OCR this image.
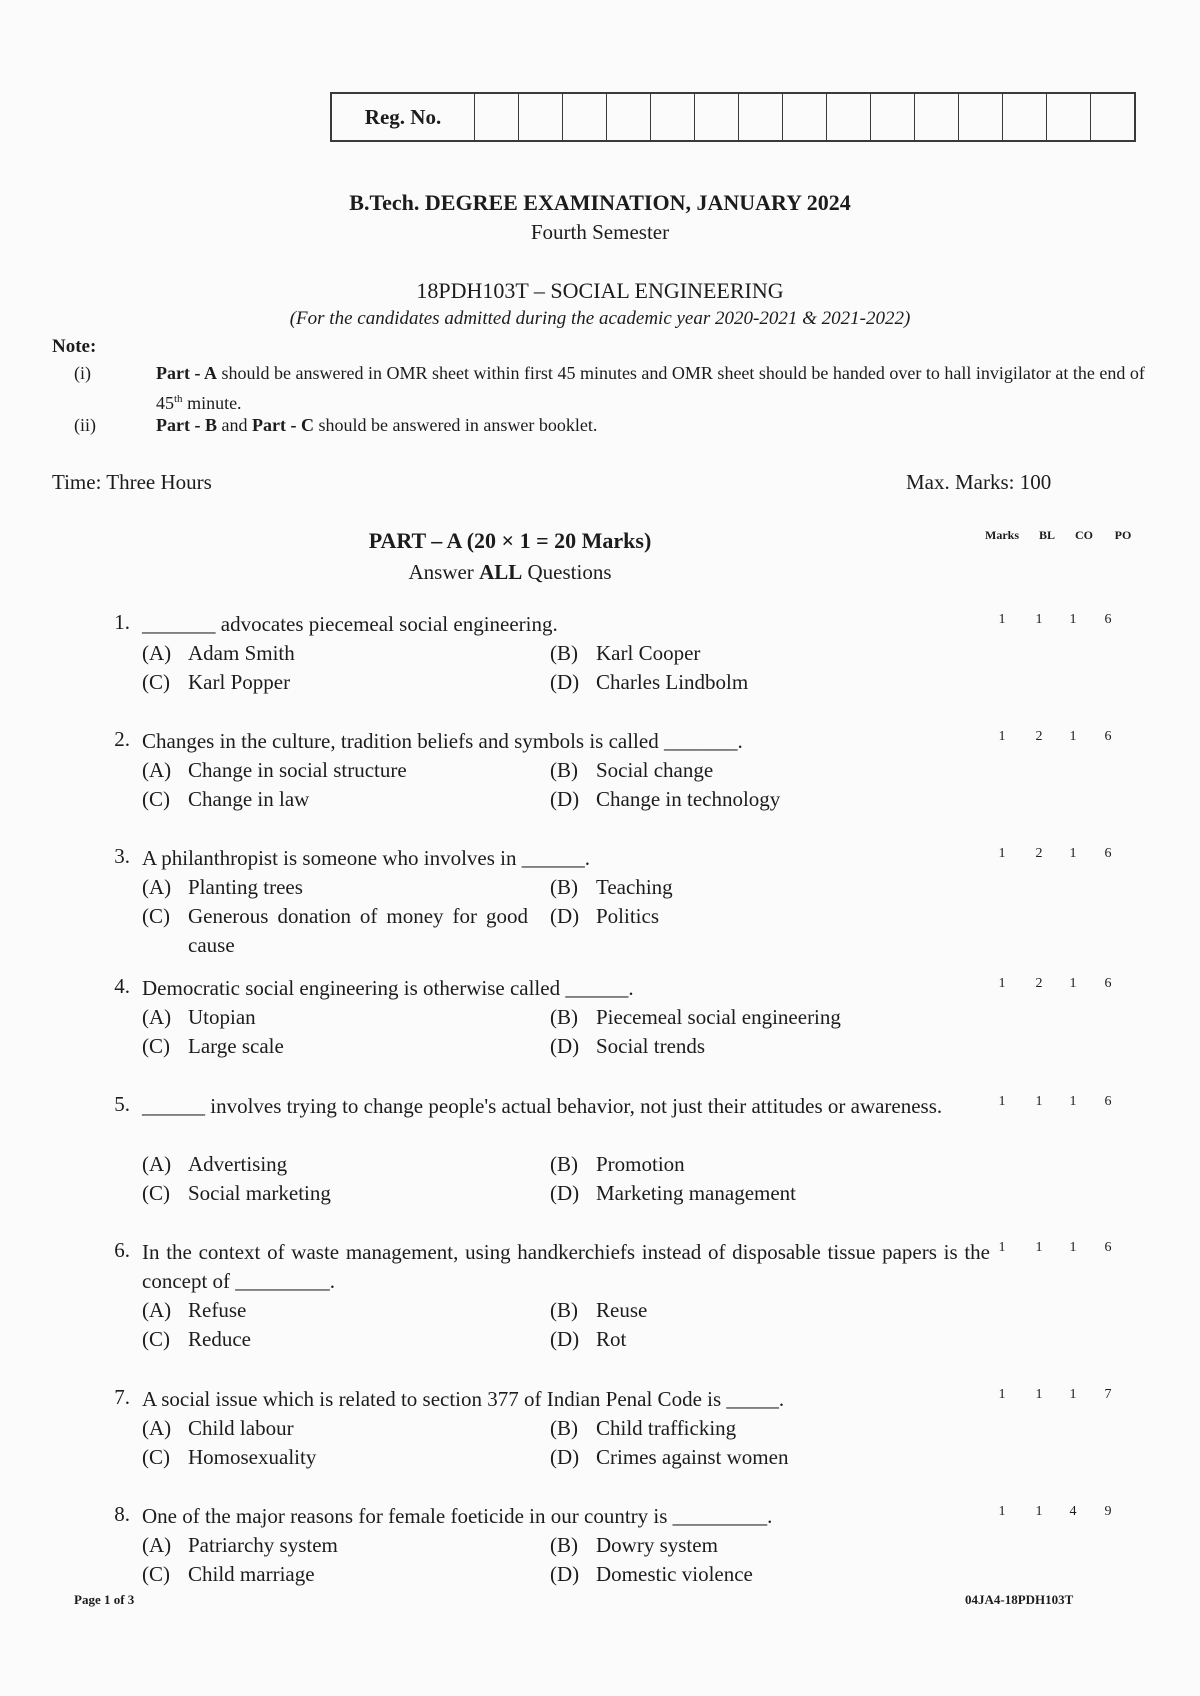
Reg. No.
B.Tech. DEGREE EXAMINATION, JANUARY 2024
Fourth Semester
18PDH103T – SOCIAL ENGINEERING
(For the candidates admitted during the academic year 2020-2021 & 2021-2022)
Note:
(i)	Part - A should be answered in OMR sheet within first 45 minutes and OMR sheet should be handed over to hall invigilator at the end of 45th minute.
(ii)	Part - B and Part - C should be answered in answer booklet.
Time: Three Hours	Max. Marks: 100
PART – A (20 × 1 = 20 Marks)
Answer ALL Questions
Marks	BL	CO	PO
1. _______ advocates piecemeal social engineering.
(A) Adam Smith	(B) Karl Cooper
(C) Karl Popper	(D) Charles Lindbolm
1	1	1	6
2. Changes in the culture, tradition beliefs and symbols is called _______.
(A) Change in social structure	(B) Social change
(C) Change in law	(D) Change in technology
1	2	1	6
3. A philanthropist is someone who involves in ______.
(A) Planting trees	(B) Teaching
(C) Generous donation of money for good cause
(D) Politics
1	2	1	6
4. Democratic social engineering is otherwise called ______.
(A) Utopian	(B) Piecemeal social engineering
(C) Large scale	(D) Social trends
1	2	1	6
5. ______ involves trying to change people's actual behavior, not just their attitudes or awareness.
(A) Advertising	(B) Promotion
(C) Social marketing	(D) Marketing management
1	1	1	6
6. In the context of waste management, using handkerchiefs instead of disposable tissue papers is the concept of _________.
(A) Refuse	(B) Reuse
(C) Reduce	(D) Rot
1	1	1	6
7. A social issue which is related to section 377 of Indian Penal Code is _____.
(A) Child labour	(B) Child trafficking
(C) Homosexuality	(D) Crimes against women
1	1	1	7
8. One of the major reasons for female foeticide in our country is _________.
(A) Patriarchy system	(B) Dowry system
(C) Child marriage	(D) Domestic violence
1	1	4	9
Page 1 of 3	04JA4-18PDH103T
